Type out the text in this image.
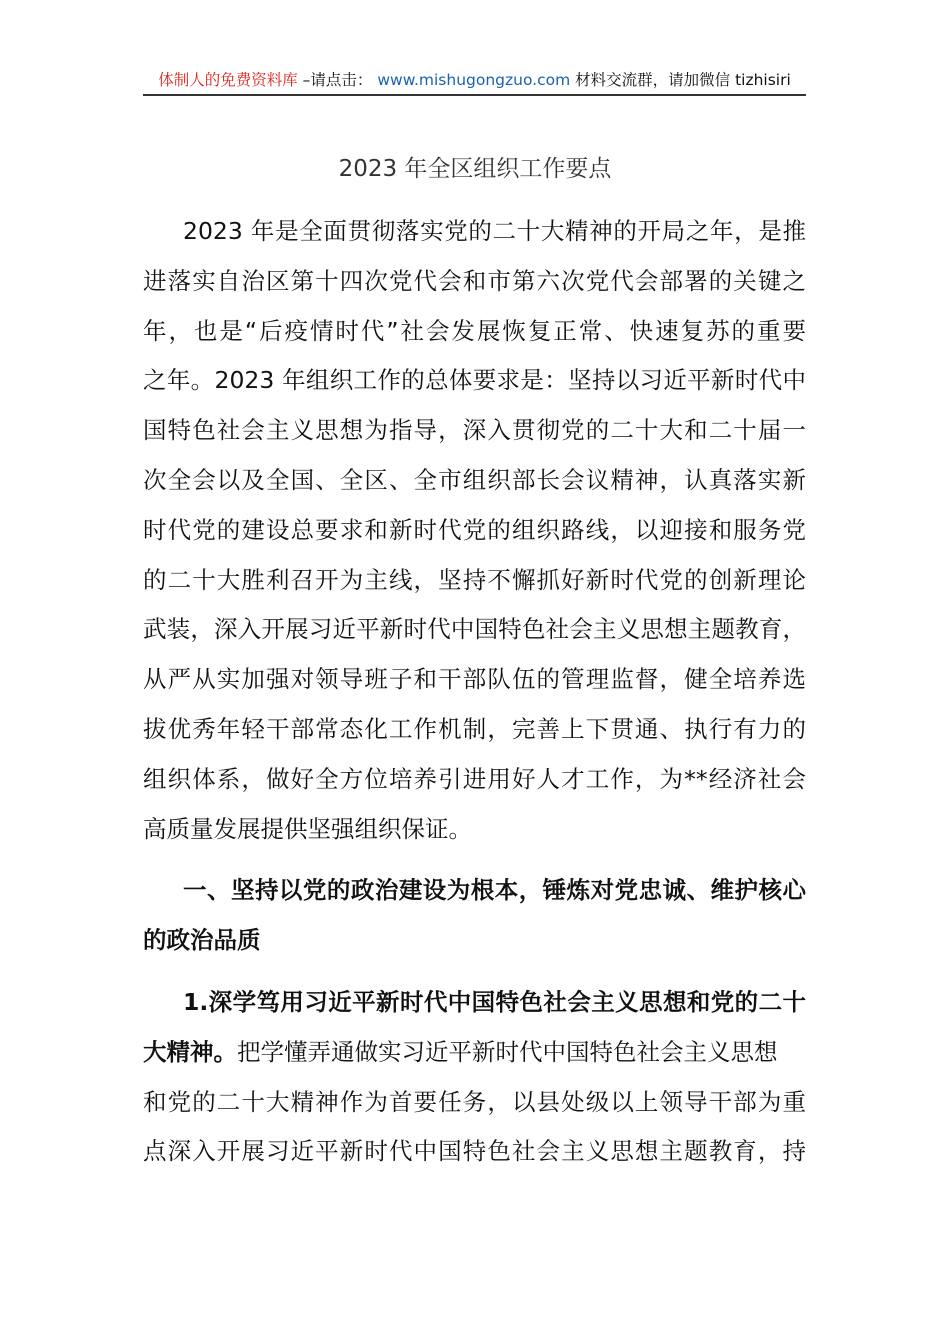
体制人的免费资料库 –请点击： www.mishugongzuo.com 材料交流群，请加微信 tizhisiri
2023 年全区组织工作要点
2023 年是全面贯彻落实党的二十大精神的开局之年，是推
进落实自治区第十四次党代会和市第六次党代会部署的关键之
年，也是“后疫情时代”社会发展恢复正常、快速复苏的重要
之年。2023 年组织工作的总体要求是：坚持以习近平新时代中
国特色社会主义思想为指导，深入贯彻党的二十大和二十届一
次全会以及全国、全区、全市组织部长会议精神，认真落实新
时代党的建设总要求和新时代党的组织路线，以迎接和服务党
的二十大胜利召开为主线，坚持不懈抓好新时代党的创新理论
武装，深入开展习近平新时代中国特色社会主义思想主题教育，
从严从实加强对领导班子和干部队伍的管理监督，健全培养选
拔优秀年轻干部常态化工作机制，完善上下贯通、执行有力的
组织体系，做好全方位培养引进用好人才工作，为**经济社会
高质量发展提供坚强组织保证。
一、坚持以党的政治建设为根本，锤炼对党忠诚、维护核心
的政治品质
1.深学笃用习近平新时代中国特色社会主义思想和党的二十
大精神。把学懂弄通做实习近平新时代中国特色社会主义思想
和党的二十大精神作为首要任务，以县处级以上领导干部为重
点深入开展习近平新时代中国特色社会主义思想主题教育，持
